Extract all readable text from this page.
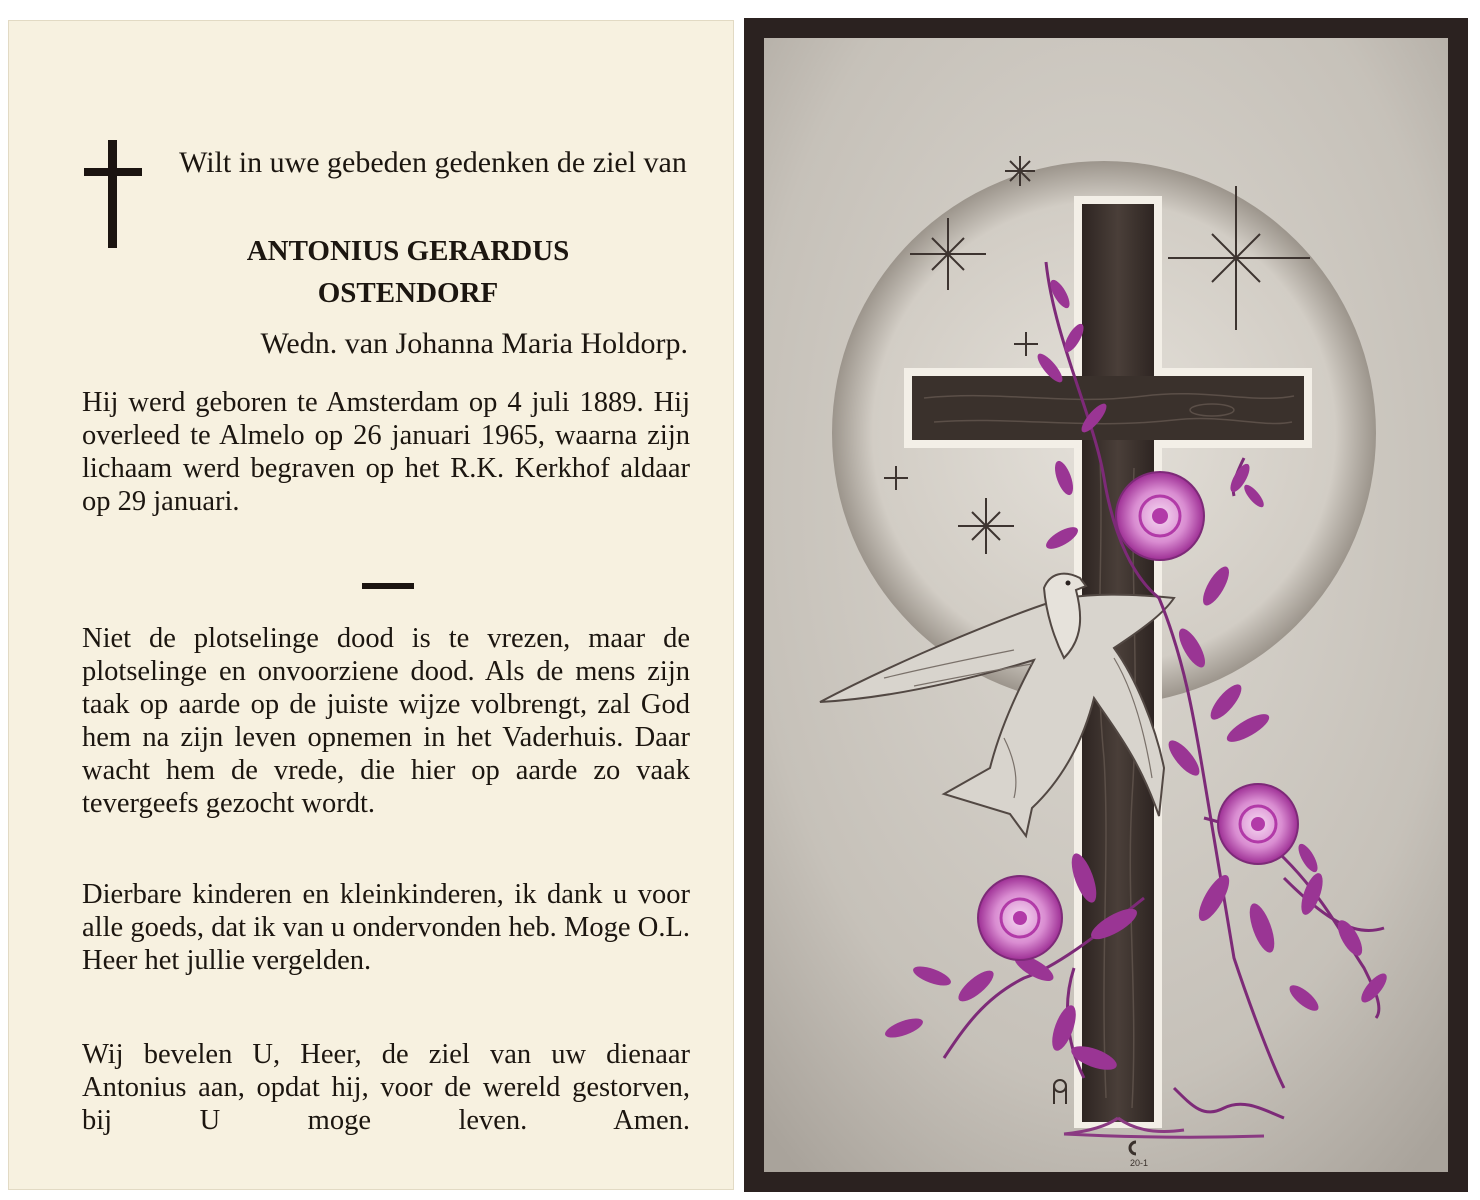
Wilt in uwe gebeden gedenken de ziel van
ANTONIUS GERARDUS
OSTENDORF
Wedn. van Johanna Maria Holdorp.
Hij werd geboren te Amsterdam op 4 juli 1889. Hij overleed te Almelo op 26 januari 1965, waarna zijn lichaam werd begraven op het R.K. Kerkhof aldaar op 29 januari.
Niet de plotselinge dood is te vrezen, maar de plotselinge en onvoorziene dood. Als de mens zijn taak op aarde op de juiste wijze volbrengt, zal God hem na zijn leven opnemen in het Vaderhuis. Daar wacht hem de vrede, die hier op aarde zo vaak tevergeefs gezocht wordt.
Dierbare kinderen en kleinkinderen, ik dank u voor alle goeds, dat ik van u ondervonden heb. Moge O.L. Heer het jullie vergelden.
Wij bevelen U, Heer, de ziel van uw dienaar Antonius aan, opdat hij, voor de wereld gestorven, bij U moge leven. Amen.
20-1
